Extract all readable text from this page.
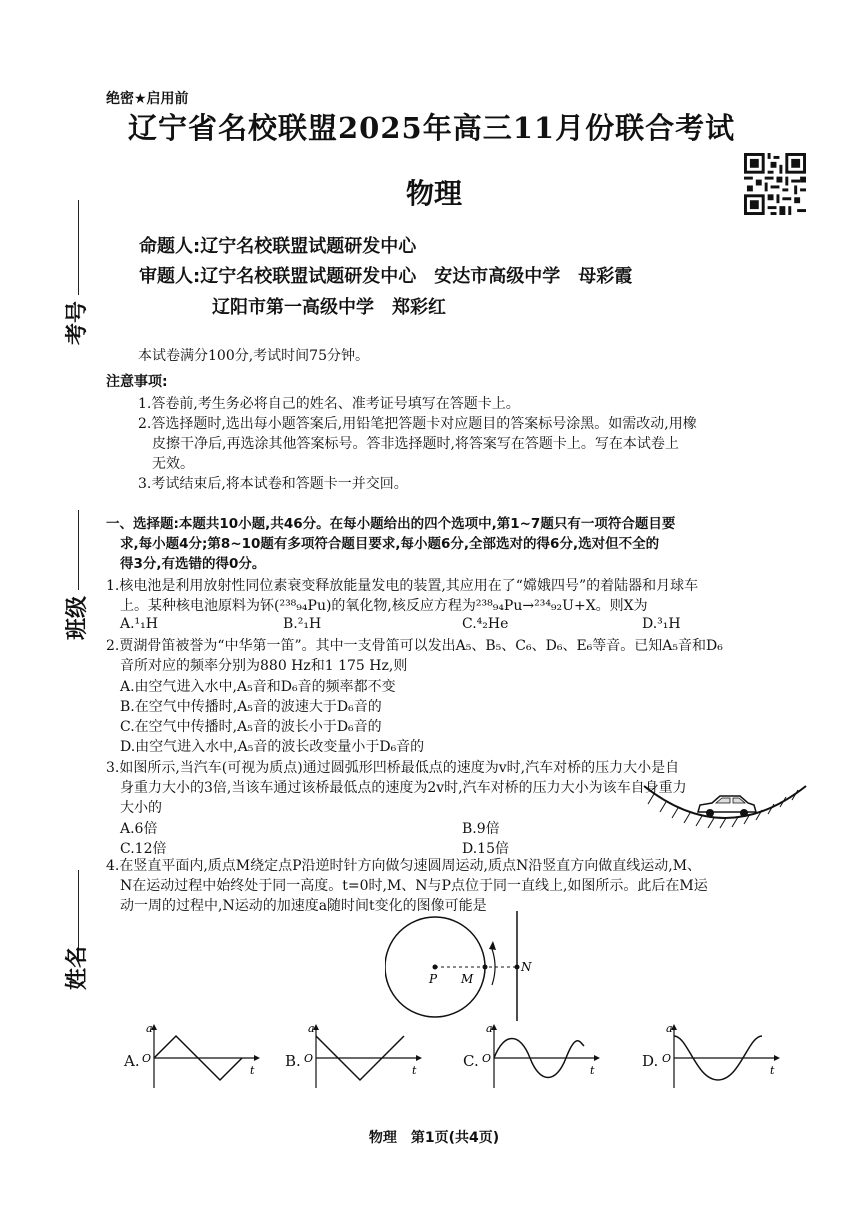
考号
班级
姓名
绝密★启用前
辽宁省名校联盟2025年高三11月份联合考试
物理
命题人:辽宁名校联盟试题研发中心
审题人:辽宁名校联盟试题研发中心　安达市高级中学　母彩霞
辽阳市第一高级中学　郑彩红
本试卷满分100分,考试时间75分钟。
注意事项:
1.答卷前,考生务必将自己的姓名、准考证号填写在答题卡上。
2.答选择题时,选出每小题答案后,用铅笔把答题卡对应题目的答案标号涂黑。如需改动,用橡
皮擦干净后,再选涂其他答案标号。答非选择题时,将答案写在答题卡上。写在本试卷上
无效。
3.考试结束后,将本试卷和答题卡一并交回。
一、选择题:本题共10小题,共46分。在每小题给出的四个选项中,第1~7题只有一项符合题目要
求,每小题4分;第8~10题有多项符合题目要求,每小题6分,全部选对的得6分,选对但不全的
得3分,有选错的得0分。
1.核电池是利用放射性同位素衰变释放能量发电的装置,其应用在了“嫦娥四号”的着陆器和月球车
上。某种核电池原料为钚(²³⁸₉₄Pu)的氧化物,核反应方程为²³⁸₉₄Pu→²³⁴₉₂U+X。则X为
A.¹₁H	B.²₁H	C.⁴₂He	D.³₁H
2.贾湖骨笛被誉为“中华第一笛”。其中一支骨笛可以发出A₅、B₅、C₆、D₆、E₆等音。已知A₅音和D₆
音所对应的频率分别为880 Hz和1 175 Hz,则
A.由空气进入水中,A₅音和D₆音的频率都不变
B.在空气中传播时,A₅音的波速大于D₆音的
C.在空气中传播时,A₅音的波长小于D₆音的
D.由空气进入水中,A₅音的波长改变量小于D₆音的
3.如图所示,当汽车(可视为质点)通过圆弧形凹桥最低点的速度为v时,汽车对桥的压力大小是自
身重力大小的3倍,当该车通过该桥最低点的速度为2v时,汽车对桥的压力大小为该车自身重力
大小的
A.6倍	B.9倍
C.12倍	D.15倍
4.在竖直平面内,质点M绕定点P沿逆时针方向做匀速圆周运动,质点N沿竖直方向做直线运动,M、
N在运动过程中始终处于同一高度。t=0时,M、N与P点位于同一直线上,如图所示。此后在M运
动一周的过程中,N运动的加速度a随时间t变化的图像可能是
P M
N
A.
a
O
t
B.
a
O
t
C.
a
O
t
D.
a
O
t
物理　第1页(共4页)
